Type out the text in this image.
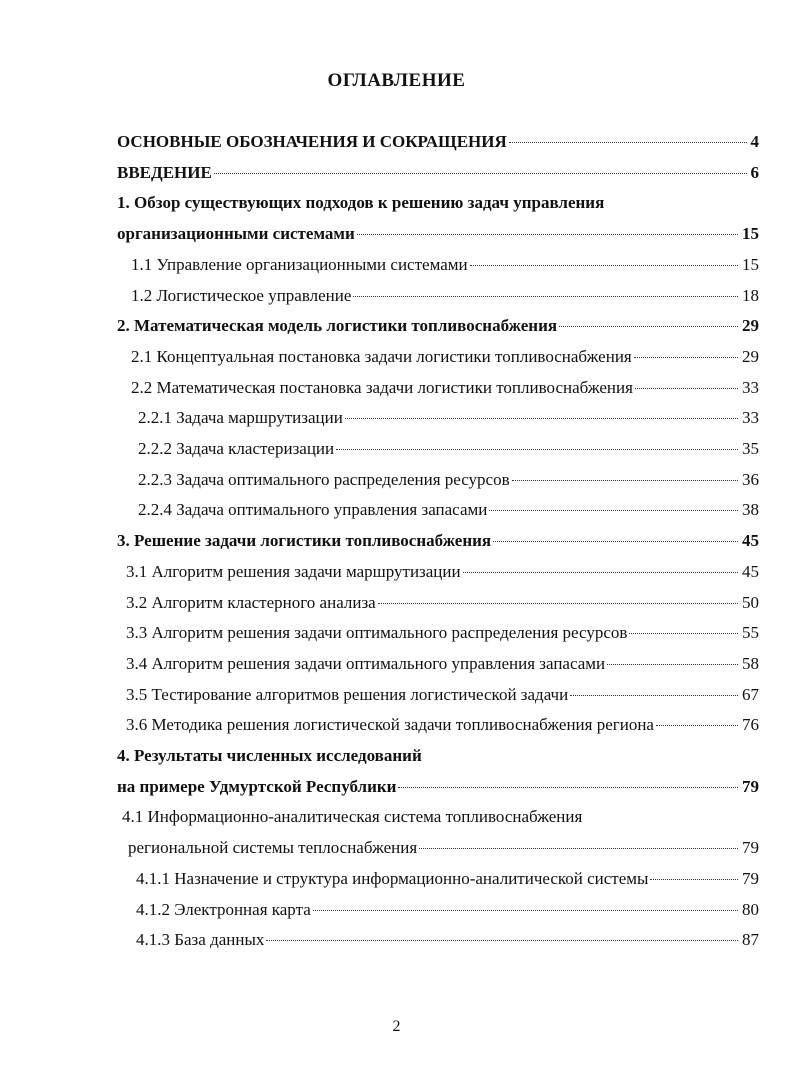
ОГЛАВЛЕНИЕ
ОСНОВНЫЕ ОБОЗНАЧЕНИЯ И СОКРАЩЕНИЯ	4
ВВЕДЕНИЕ	6
1. Обзор существующих подходов к решению задач управления
организационными системами	15
1.1 Управление организационными системами	15
1.2 Логистическое управление	18
2. Математическая модель логистики топливоснабжения	29
2.1 Концептуальная постановка задачи логистики топливоснабжения	29
2.2 Математическая постановка задачи логистики топливоснабжения	33
2.2.1 Задача маршрутизации	33
2.2.2 Задача кластеризации	35
2.2.3 Задача оптимального распределения ресурсов	36
2.2.4 Задача оптимального управления запасами	38
3. Решение задачи логистики топливоснабжения	45
3.1 Алгоритм решения задачи маршрутизации	45
3.2 Алгоритм кластерного анализа	50
3.3 Алгоритм решения задачи оптимального распределения ресурсов	55
3.4 Алгоритм решения задачи оптимального управления запасами	58
3.5 Тестирование алгоритмов решения логистической задачи	67
3.6 Методика решения логистической задачи топливоснабжения региона	76
4. Результаты численных исследований
на примере Удмуртской Республики	79
4.1 Информационно-аналитическая система топливоснабжения
региональной системы теплоснабжения	79
4.1.1 Назначение и структура информационно-аналитической системы	79
4.1.2 Электронная карта	80
4.1.3 База данных	87
2
